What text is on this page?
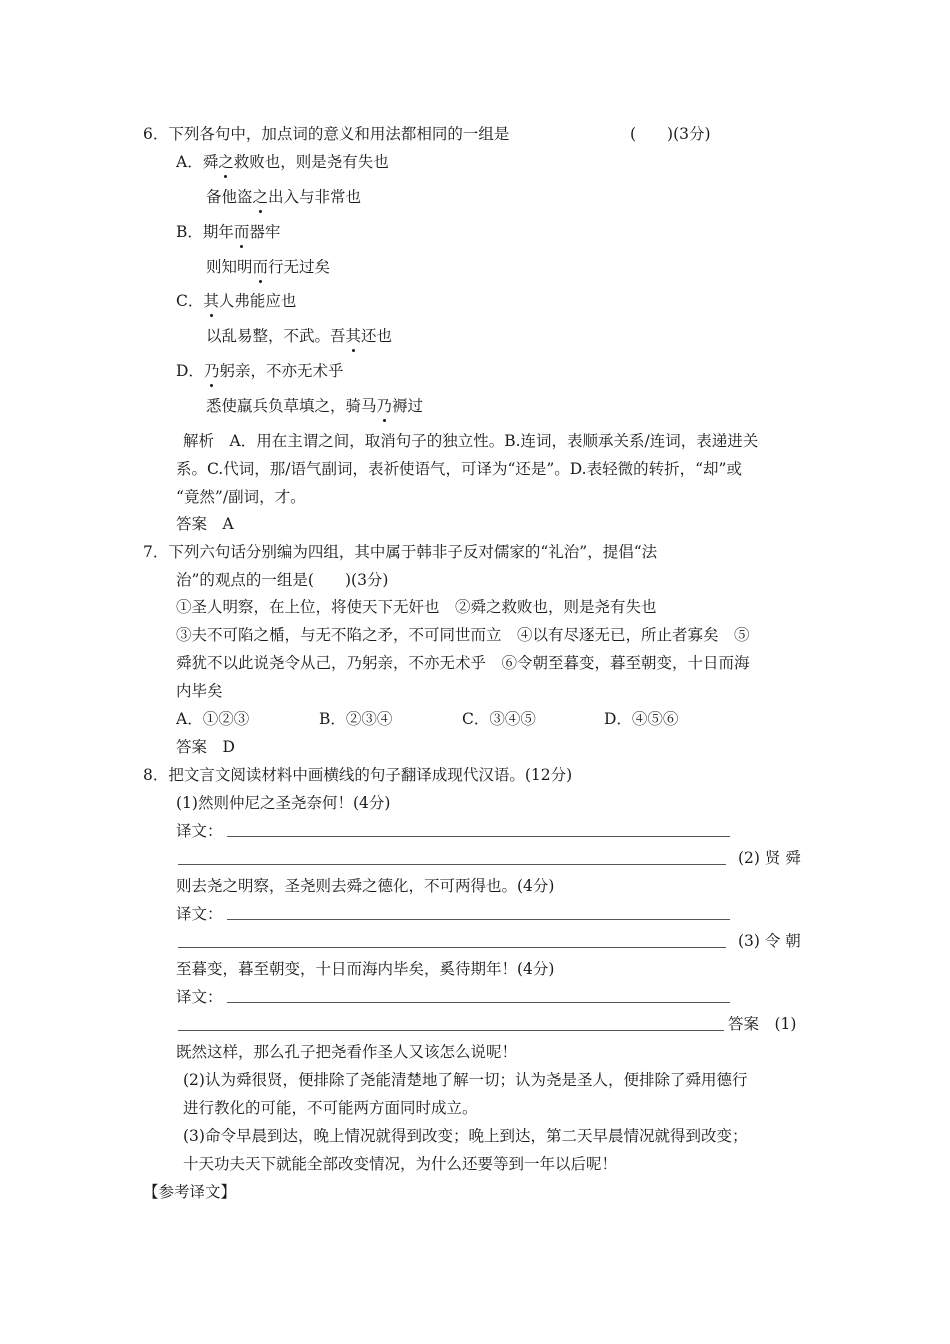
6．下列各句中，加点词的意义和用法都相同的一组是	(　　)(3分)
A．舜之救败也，则是尧有失也
备他盗之出入与非常也
B．期年而器牢
则知明而行无过矣
C．其人弗能应也
以乱易整，不武。吾其还也
D．乃躬亲，不亦无术乎
悉使羸兵负草填之，骑马乃褥过
解析　A．用在主谓之间，取消句子的独立性。B.连词，表顺承关系/连词，表递进关
系。C.代词，那/语气副词，表祈使语气，可译为“还是”。D.表轻微的转折，“却”或
“竟然”/副词，才。
答案　A
7．下列六句话分别编为四组，其中属于韩非子反对儒家的“礼治”，提倡“法
治”的观点的一组是(　　)(3分)
①圣人明察，在上位，将使天下无奸也　②舜之救败也，则是尧有失也
③夫不可陷之楯，与无不陷之矛，不可同世而立　④以有尽逐无已，所止者寡矣　⑤
舜犹不以此说尧令从己，乃躬亲，不亦无术乎　⑥令朝至暮变，暮至朝变，十日而海
内毕矣
A．①②③	B．②③④	C．③④⑤	D．④⑤⑥
答案　D
8．把文言文阅读材料中画横线的句子翻译成现代汉语。(12分)
(1)然则仲尼之圣尧奈何！(4分)
译文：
(2) 贤 舜
则去尧之明察，圣尧则去舜之德化，不可两得也。(4分)
译文：
(3) 令 朝
至暮变，暮至朝变，十日而海内毕矣，奚待期年！(4分)
译文：
答案　(1)
既然这样，那么孔子把尧看作圣人又该怎么说呢！
(2)认为舜很贤，便排除了尧能清楚地了解一切；认为尧是圣人，便排除了舜用德行
进行教化的可能，不可能两方面同时成立。
(3)命令早晨到达，晚上情况就得到改变；晚上到达，第二天早晨情况就得到改变；
十天功夫天下就能全部改变情况，为什么还要等到一年以后呢！
【参考译文】
